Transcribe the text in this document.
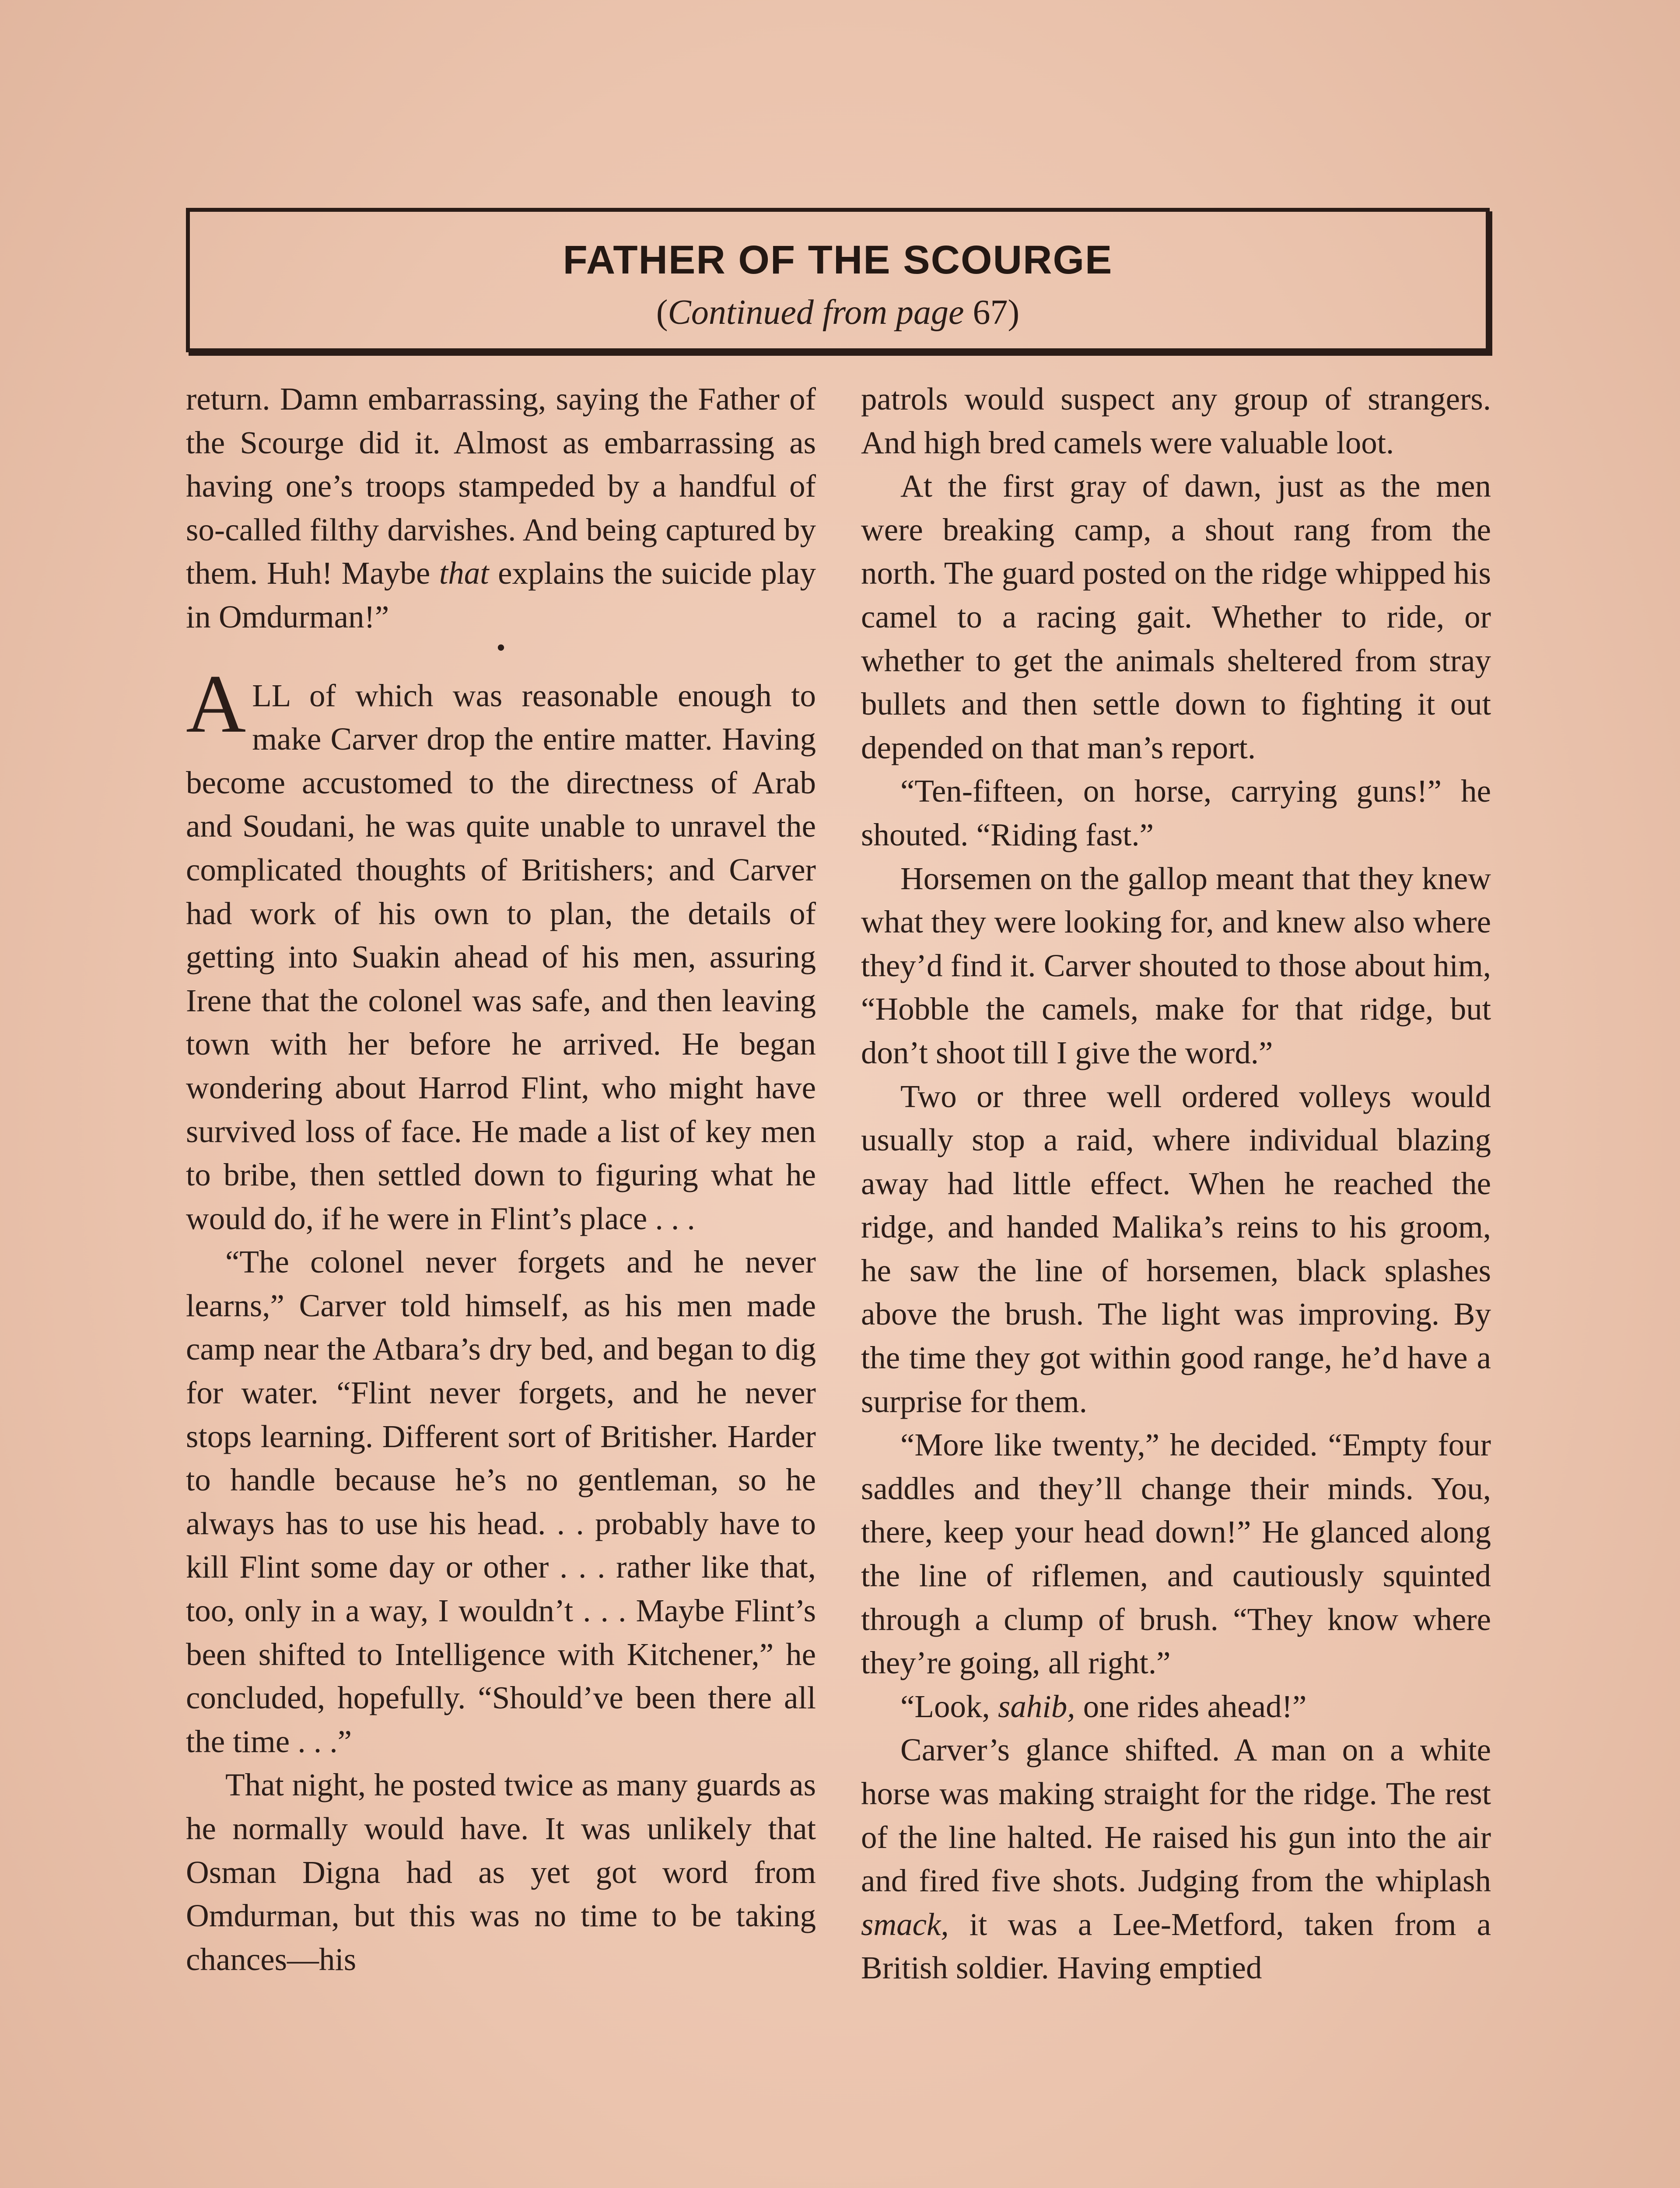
FATHER OF THE SCOURGE
(Continued from page 67)

return. Damn embarrassing, saying the Father of the Scourge did it. Almost as embarrassing as having one’s troops stampeded by a handful of so-called filthy darvishes. And being captured by them. Huh! Maybe that explains the suicide play in Omdurman!”

•

ALL of which was reasonable enough to make Carver drop the entire matter. Having become accustomed to the directness of Arab and Soudani, he was quite unable to unravel the complicated thoughts of Britishers; and Carver had work of his own to plan, the details of getting into Suakin ahead of his men, assuring Irene that the colonel was safe, and then leaving town with her before he arrived. He began wondering about Harrod Flint, who might have survived loss of face. He made a list of key men to bribe, then settled down to figuring what he would do, if he were in Flint’s place . . .

“The colonel never forgets and he never learns,” Carver told himself, as his men made camp near the Atbara’s dry bed, and began to dig for water. “Flint never forgets, and he never stops learning. Different sort of Britisher. Harder to handle because he’s no gentleman, so he always has to use his head. . . probably have to kill Flint some day or other . . . rather like that, too, only in a way, I wouldn’t . . . Maybe Flint’s been shifted to Intelligence with Kitchener,” he concluded, hopefully. “Should’ve been there all the time . . .”

That night, he posted twice as many guards as he normally would have. It was unlikely that Osman Digna had as yet got word from Omdurman, but this was no time to be taking chances—his

patrols would suspect any group of strangers. And high bred camels were valuable loot.

At the first gray of dawn, just as the men were breaking camp, a shout rang from the north. The guard posted on the ridge whipped his camel to a racing gait. Whether to ride, or whether to get the animals sheltered from stray bullets and then settle down to fighting it out depended on that man’s report.

“Ten-fifteen, on horse, carrying guns!” he shouted. “Riding fast.”

Horsemen on the gallop meant that they knew what they were looking for, and knew also where they’d find it. Carver shouted to those about him, “Hobble the camels, make for that ridge, but don’t shoot till I give the word.”

Two or three well ordered volleys would usually stop a raid, where individual blazing away had little effect. When he reached the ridge, and handed Malika’s reins to his groom, he saw the line of horsemen, black splashes above the brush. The light was improving. By the time they got within good range, he’d have a surprise for them.

“More like twenty,” he decided. “Empty four saddles and they’ll change their minds. You, there, keep your head down!” He glanced along the line of riflemen, and cautiously squinted through a clump of brush. “They know where they’re going, all right.”

“Look, sahib, one rides ahead!”

Carver’s glance shifted. A man on a white horse was making straight for the ridge. The rest of the line halted. He raised his gun into the air and fired five shots. Judging from the whiplash smack, it was a Lee-Metford, taken from a British soldier. Having emptied
